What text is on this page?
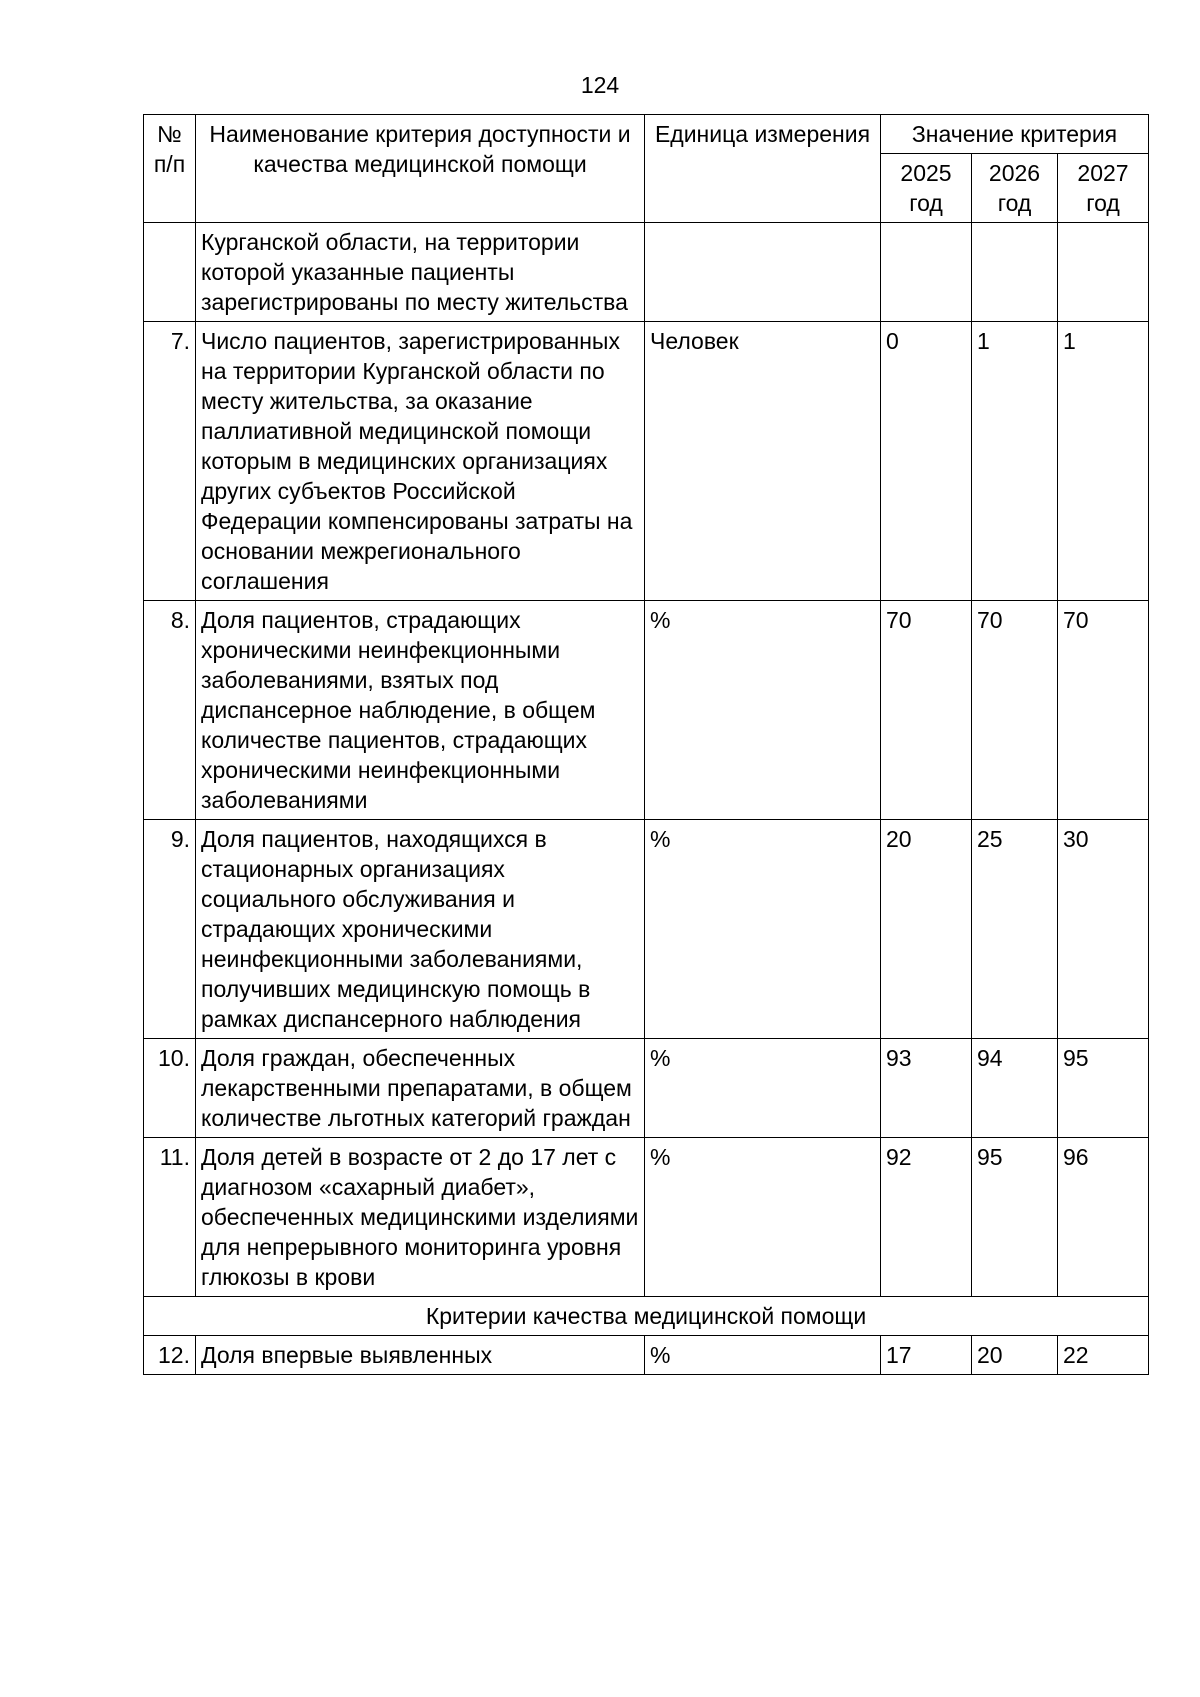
124
№ п/п	Наименование критерия доступности и качества медицинской помощи	Единица измерения	Значение критерия		
			2025 год	2026 год	2027 год
	Курганской области, на территории которой указанные пациенты зарегистрированы по месту жительства				
7.	Число пациентов, зарегистрированных на территории Курганской области по месту жительства, за оказание паллиативной медицинской помощи которым в медицинских организациях других субъектов Российской Федерации компенсированы затраты на основании межрегионального соглашения	Человек	0	1	1
8.	Доля пациентов, страдающих хроническими неинфекционными заболеваниями, взятых под диспансерное наблюдение, в общем количестве пациентов, страдающих хроническими неинфекционными заболеваниями	%	70	70	70
9.	Доля пациентов, находящихся в стационарных организациях социального обслуживания и страдающих хроническими неинфекционными заболеваниями, получивших медицинскую помощь в рамках диспансерного наблюдения	%	20	25	30
10.	Доля граждан, обеспеченных лекарственными препаратами, в общем количестве льготных категорий граждан	%	93	94	95
11.	Доля детей в возрасте от 2 до 17 лет с диагнозом «сахарный диабет», обеспеченных медицинскими изделиями для непрерывного мониторинга уровня глюкозы в крови	%	92	95	96
Критерии качества медицинской помощи					
12.	Доля впервые выявленных	%	17	20	22
